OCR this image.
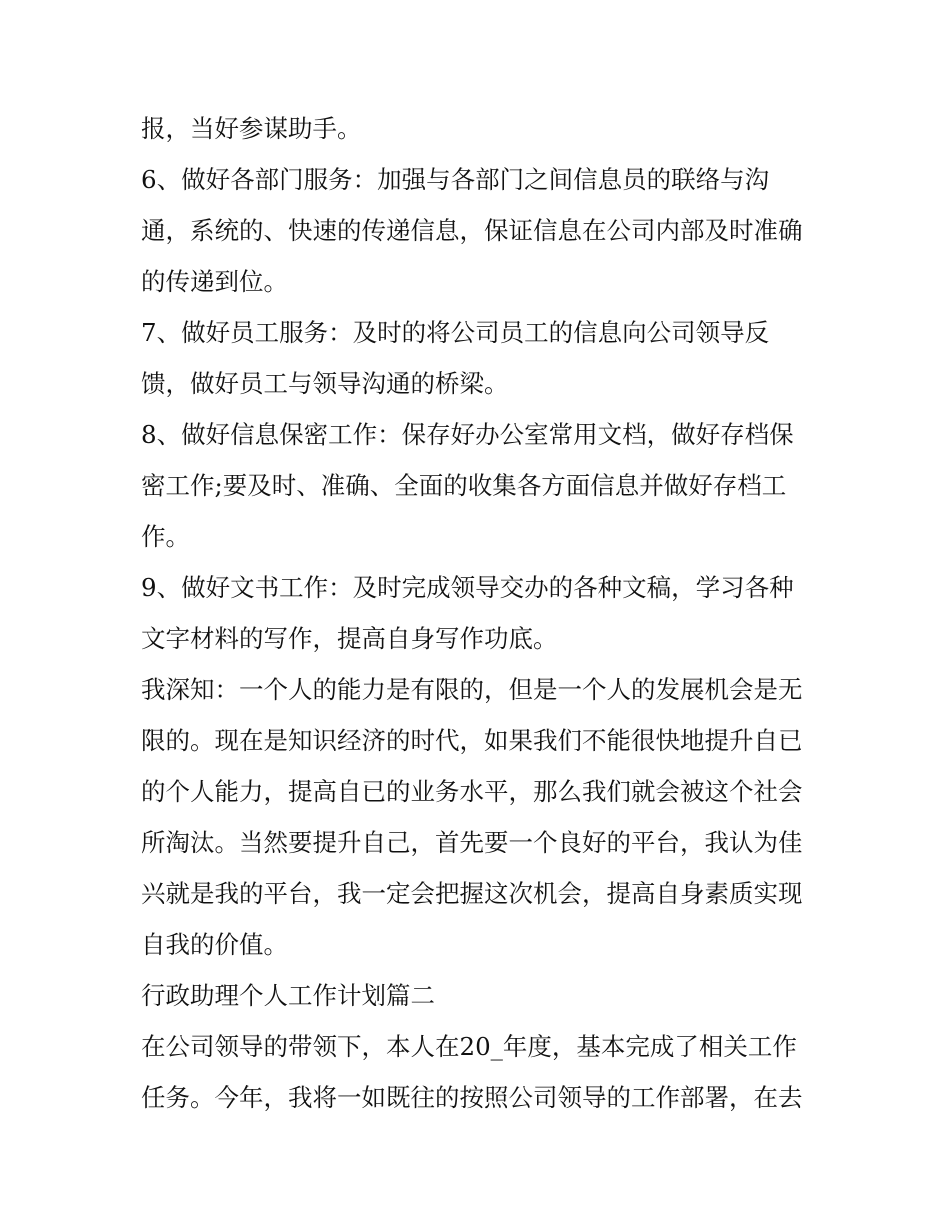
报，当好参谋助手。
6、做好各部门服务：加强与各部门之间信息员的联络与沟
通，系统的、快速的传递信息，保证信息在公司内部及时准确
的传递到位。
7、做好员工服务：及时的将公司员工的信息向公司领导反
馈，做好员工与领导沟通的桥梁。
8、做好信息保密工作：保存好办公室常用文档，做好存档保
密工作;要及时、准确、全面的收集各方面信息并做好存档工
作。
9、做好文书工作：及时完成领导交办的各种文稿，学习各种
文字材料的写作，提高自身写作功底。
我深知：一个人的能力是有限的，但是一个人的发展机会是无
限的。现在是知识经济的时代，如果我们不能很快地提升自已
的个人能力，提高自已的业务水平，那么我们就会被这个社会
所淘汰。当然要提升自己，首先要一个良好的平台，我认为佳
兴就是我的平台，我一定会把握这次机会，提高自身素质实现
自我的价值。
行政助理个人工作计划篇二
在公司领导的带领下，本人在20_年度，基本完成了相关工作
任务。今年，我将一如既往的按照公司领导的工作部署，在去
